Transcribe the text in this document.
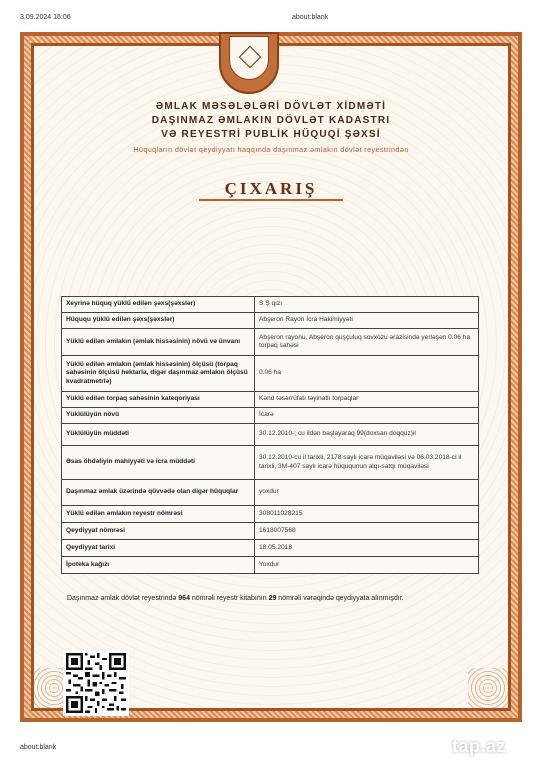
3.09.2024 16:06	about:blank
ƏMLAK MƏSƏLƏLƏRİ DÖVLƏT XİDMƏTİ
DAŞINMAZ ƏMLAKIN DÖVLƏT KADASTRI
VƏ REYESTRİ PUBLİK HÜQUQİ ŞƏXSİ
Hüquqların dövlət qeydiyyatı haqqında daşınmaz əmlakın dövlət reyestrindən
ÇIXARIŞ
Xeyrinə hüquq yüklü edilən şəxs(şəxslər)	S Ş qızı
Hüququ yüklü edilən şəxs(şəxslər)	Abşeron Rayon İcra Hakimiyyəti
Yüklü edilən əmlakın (əmlak hissəsinin) növü və ünvanı	Abşeron rayonu, Abşeron quşçuluq sovxozu ərazisində yerləşən 0.06 ha torpaq sahəsi
Yüklü edilən əmlakın (əmlak hissəsinin) ölçüsü (torpaq sahəsinin ölçüsü hektarla, digər daşınmaz əmlakın ölçüsü kvadratmetrlə)	0.06 ha
Yüklü edilən torpaq sahəsinin kateqoriyası	Kənd təsərrüfatı təyinatlı torpaqlar
Yüklülüyün növü	İcarə
Yüklülüyün müddəti	30.12.2010-; cu ildən başlayaraq 99(doxsan doqquz)il
Əsas öhdəliyin mahiyyəti və icra müddəti	30.12.2010-cu il tarixli, 2178 saylı icarə müqaviləsi və 06.03.2018-ci il tarixli, 3M-407 saylı icarə hüququnun alqı-satqı müqaviləsi
Daşınmaz əmlak üzərində qüvvədə olan digər hüquqlar	yoxdur
Yüklü edilən əmlakın reyestr nömrəsi	308011028215
Qeydiyyat nömrəsi	1618007568
Qeydiyyat tarixi	18.05.2018
İpoteka kağızı	Yoxdur
Daşınmaz əmlak dövlət reyestrində 964 nömrəli reyestr kitabının 29 nömrəli vərəqində qeydiyyata alınmışdır.
about:blank	tap.az
